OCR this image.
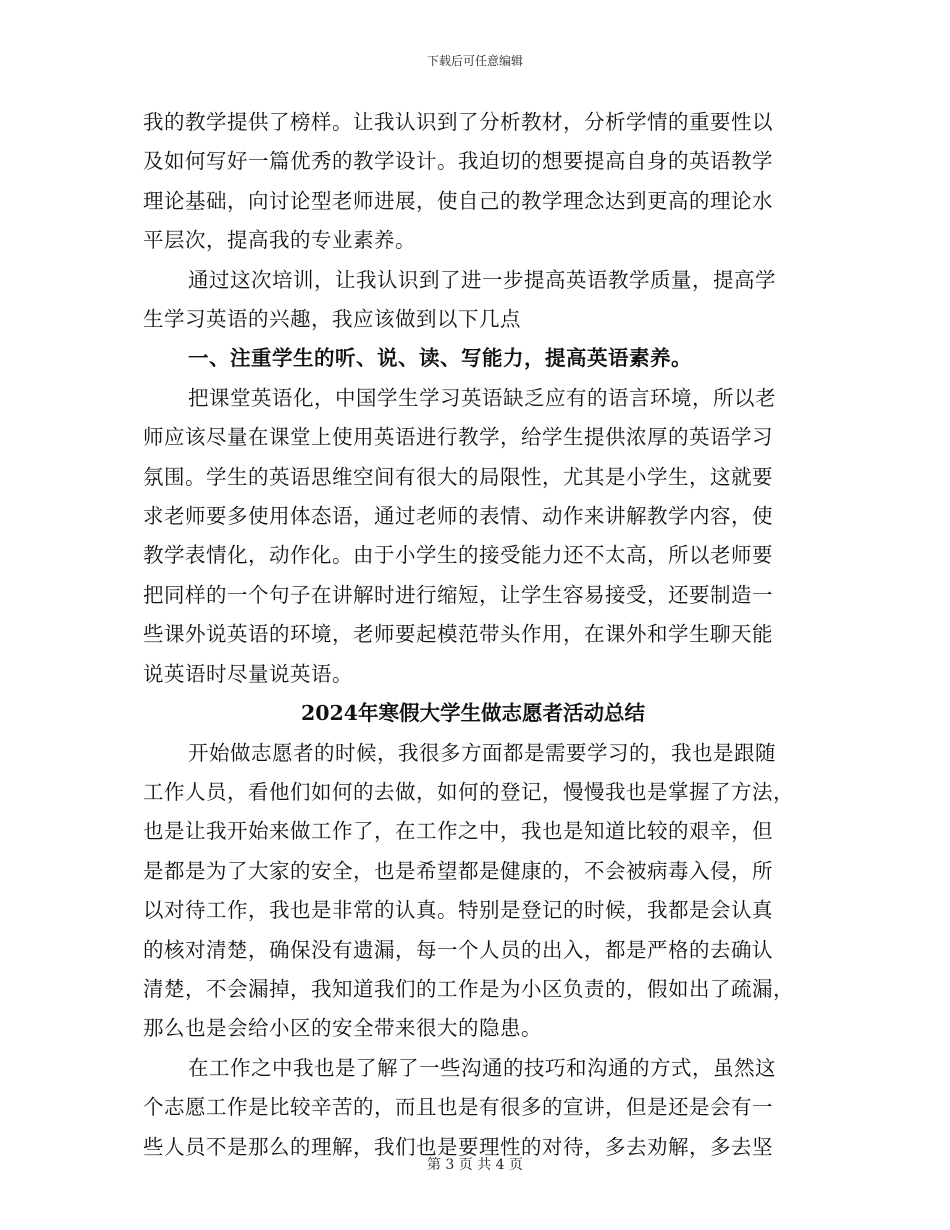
下载后可任意编辑
我的教学提供了榜样。让我认识到了分析教材，分析学情的重要性以
及如何写好一篇优秀的教学设计。我迫切的想要提高自身的英语教学
理论基础，向讨论型老师进展，使自己的教学理念达到更高的理论水
平层次，提高我的专业素养。
通过这次培训，让我认识到了进一步提高英语教学质量，提高学
生学习英语的兴趣，我应该做到以下几点
一、注重学生的听、说、读、写能力，提高英语素养。
把课堂英语化，中国学生学习英语缺乏应有的语言环境，所以老
师应该尽量在课堂上使用英语进行教学，给学生提供浓厚的英语学习
氛围。学生的英语思维空间有很大的局限性，尤其是小学生，这就要
求老师要多使用体态语，通过老师的表情、动作来讲解教学内容，使
教学表情化，动作化。由于小学生的接受能力还不太高，所以老师要
把同样的一个句子在讲解时进行缩短，让学生容易接受，还要制造一
些课外说英语的环境，老师要起模范带头作用，在课外和学生聊天能
说英语时尽量说英语。
2024年寒假大学生做志愿者活动总结
开始做志愿者的时候，我很多方面都是需要学习的，我也是跟随
工作人员，看他们如何的去做，如何的登记，慢慢我也是掌握了方法，
也是让我开始来做工作了，在工作之中，我也是知道比较的艰辛，但
是都是为了大家的安全，也是希望都是健康的，不会被病毒入侵，所
以对待工作，我也是非常的认真。特别是登记的时候，我都是会认真
的核对清楚，确保没有遗漏，每一个人员的出入，都是严格的去确认
清楚，不会漏掉，我知道我们的工作是为小区负责的，假如出了疏漏，
那么也是会给小区的安全带来很大的隐患。
在工作之中我也是了解了一些沟通的技巧和沟通的方式，虽然这
个志愿工作是比较辛苦的，而且也是有很多的宣讲，但是还是会有一
些人员不是那么的理解，我们也是要理性的对待，多去劝解，多去坚
第 3 页 共 4 页
